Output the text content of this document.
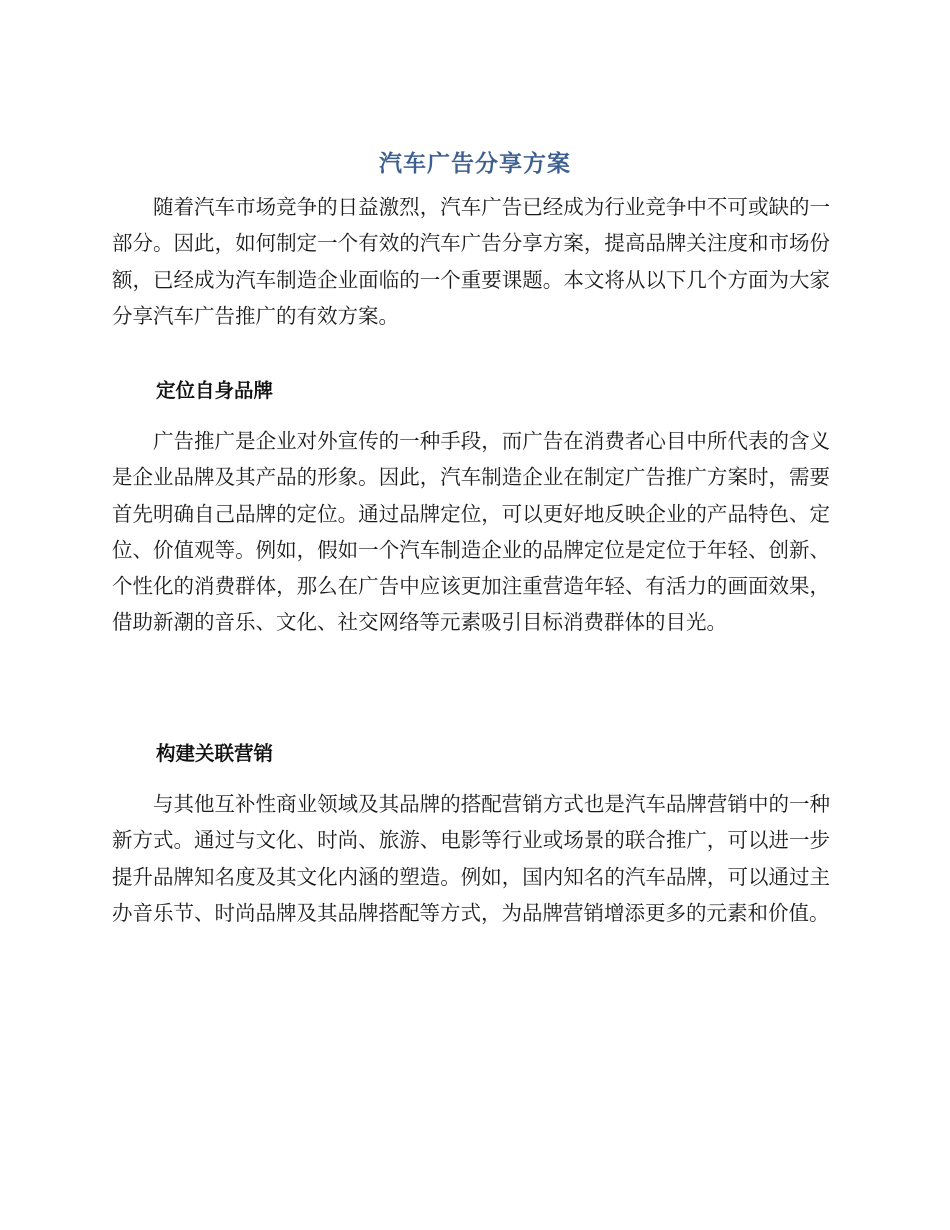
汽车广告分享方案

随着汽车市场竞争的日益激烈，汽车广告已经成为行业竞争中不可或缺的一部分。因此，如何制定一个有效的汽车广告分享方案，提高品牌关注度和市场份额，已经成为汽车制造企业面临的一个重要课题。本文将从以下几个方面为大家分享汽车广告推广的有效方案。

定位自身品牌

广告推广是企业对外宣传的一种手段，而广告在消费者心目中所代表的含义是企业品牌及其产品的形象。因此，汽车制造企业在制定广告推广方案时，需要首先明确自己品牌的定位。通过品牌定位，可以更好地反映企业的产品特色、定位、价值观等。例如，假如一个汽车制造企业的品牌定位是定位于年轻、创新、个性化的消费群体，那么在广告中应该更加注重营造年轻、有活力的画面效果，借助新潮的音乐、文化、社交网络等元素吸引目标消费群体的目光。

构建关联营销

与其他互补性商业领域及其品牌的搭配营销方式也是汽车品牌营销中的一种新方式。通过与文化、时尚、旅游、电影等行业或场景的联合推广，可以进一步提升品牌知名度及其文化内涵的塑造。例如，国内知名的汽车品牌，可以通过主办音乐节、时尚品牌及其品牌搭配等方式，为品牌营销增添更多的元素和价值。
